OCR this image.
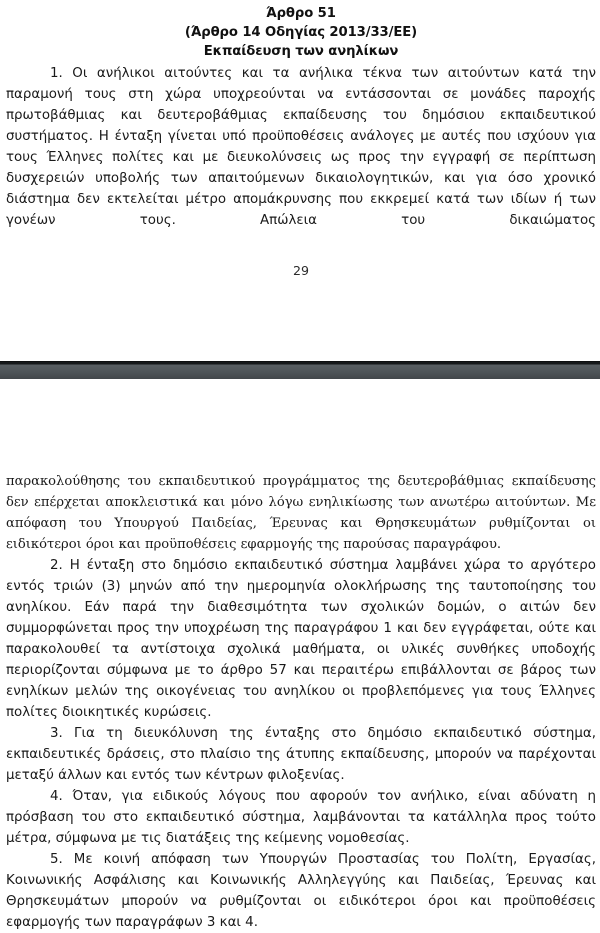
Άρθρο 51
(Άρθρο 14 Οδηγίας 2013/33/ΕΕ)
Εκπαίδευση των ανηλίκων

1. Οι ανήλικοι αιτούντες και τα ανήλικα τέκνα των αιτούντων κατά την παραμονή τους στη χώρα υποχρεούνται να εντάσσονται σε μονάδες παροχής πρωτοβάθμιας και δευτεροβάθμιας εκπαίδευσης του δημόσιου εκπαιδευτικού συστήματος. Η ένταξη γίνεται υπό προϋποθέσεις ανάλογες με αυτές που ισχύουν για τους Έλληνες πολίτες και με διευκολύνσεις ως προς την εγγραφή σε περίπτωση δυσχερειών υποβολής των απαιτούμενων δικαιολογητικών, και για όσο χρονικό διάστημα δεν εκτελείται μέτρο απομάκρυνσης που εκκρεμεί κατά των ιδίων ή των γονέων τους. Απώλεια του δικαιώματος

29

παρακολούθησης του εκπαιδευτικού προγράμματος της δευτεροβάθμιας εκπαίδευσης δεν επέρχεται αποκλειστικά και μόνο λόγω ενηλικίωσης των ανωτέρω αιτούντων. Με απόφαση του Υπουργού Παιδείας, Έρευνας και Θρησκευμάτων ρυθμίζονται οι ειδικότεροι όροι και προϋποθέσεις εφαρμογής της παρούσας παραγράφου.

2. Η ένταξη στο δημόσιο εκπαιδευτικό σύστημα λαμβάνει χώρα το αργότερο εντός τριών (3) μηνών από την ημερομηνία ολοκλήρωσης της ταυτοποίησης του ανηλίκου. Εάν παρά την διαθεσιμότητα των σχολικών δομών, ο αιτών δεν συμμορφώνεται προς την υποχρέωση της παραγράφου 1 και δεν εγγράφεται, ούτε και παρακολουθεί τα αντίστοιχα σχολικά μαθήματα, οι υλικές συνθήκες υποδοχής περιορίζονται σύμφωνα με το άρθρο 57 και περαιτέρω επιβάλλονται σε βάρος των ενηλίκων μελών της οικογένειας του ανηλίκου οι προβλεπόμενες για τους Έλληνες πολίτες διοικητικές κυρώσεις.

3. Για τη διευκόλυνση της ένταξης στο δημόσιο εκπαιδευτικό σύστημα, εκπαιδευτικές δράσεις, στο πλαίσιο της άτυπης εκπαίδευσης, μπορούν να παρέχονται μεταξύ άλλων και εντός των κέντρων φιλοξενίας.

4. Όταν, για ειδικούς λόγους που αφορούν τον ανήλικο, είναι αδύνατη η πρόσβαση του στο εκπαιδευτικό σύστημα, λαμβάνονται τα κατάλληλα προς τούτο μέτρα, σύμφωνα με τις διατάξεις της κείμενης νομοθεσίας.

5. Με κοινή απόφαση των Υπουργών Προστασίας του Πολίτη, Εργασίας, Κοινωνικής Ασφάλισης και Κοινωνικής Αλληλεγγύης και Παιδείας, Έρευνας και Θρησκευμάτων μπορούν να ρυθμίζονται οι ειδικότεροι όροι και προϋποθέσεις εφαρμογής των παραγράφων 3 και 4.
